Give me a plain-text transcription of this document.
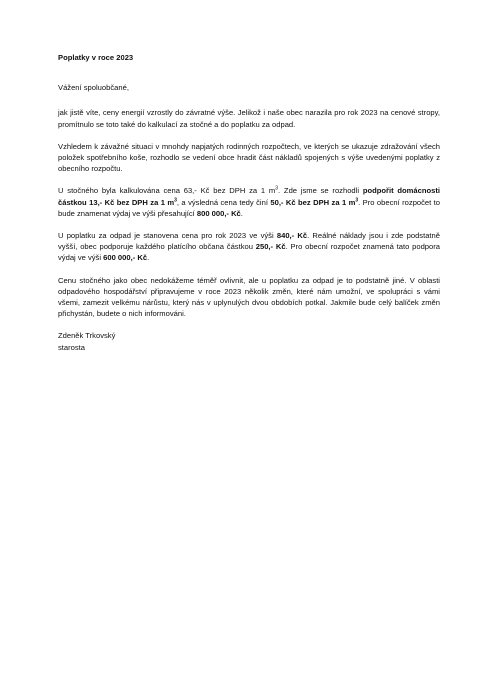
Poplatky v roce 2023
Vážení spoluobčané,

jak jistě víte, ceny energií vzrostly do závratné výše. Jelikož i naše obec narazila pro rok 2023 na cenové stropy, promítnulo se toto také do kalkulací za stočné a do poplatku za odpad.

Vzhledem k závažné situaci v mnohdy napjatých rodinných rozpočtech, ve kterých se ukazuje zdražování všech položek spotřebního koše, rozhodlo se vedení obce hradit část nákladů spojených s výše uvedenými poplatky z obecního rozpočtu.

U stočného byla kalkulována cena 63,- Kč bez DPH za 1 $m^3$. Zde jsme se rozhodli podpořit domácnosti částkou 13,- Kč bez DPH za 1 $m^3$, a výsledná cena tedy činí 50,- Kč bez DPH za 1 $m^3$. Pro obecní rozpočet to bude znamenat výdaj ve výši přesahující 800 000,- Kč.

U poplatku za odpad je stanovena cena pro rok 2023 ve výši 840,- Kč. Reálné náklady jsou i zde podstatně vyšší, obec podporuje každého platícího občana částkou 250,- Kč. Pro obecní rozpočet znamená tato podpora výdaj ve výši 600 000,- Kč.

Cenu stočného jako obec nedokážeme téměř ovlivnit, ale u poplatku za odpad je to podstatně jiné. V oblasti odpadového hospodářství připravujeme v roce 2023 několik změn, které nám umožní, ve spolupráci s vámi všemi, zamezit velkému nárůstu, který nás v uplynulých dvou obdobích potkal. Jakmile bude celý balíček změn přichystán, budete o nich informováni.

Zdeněk Trkovský
starosta
